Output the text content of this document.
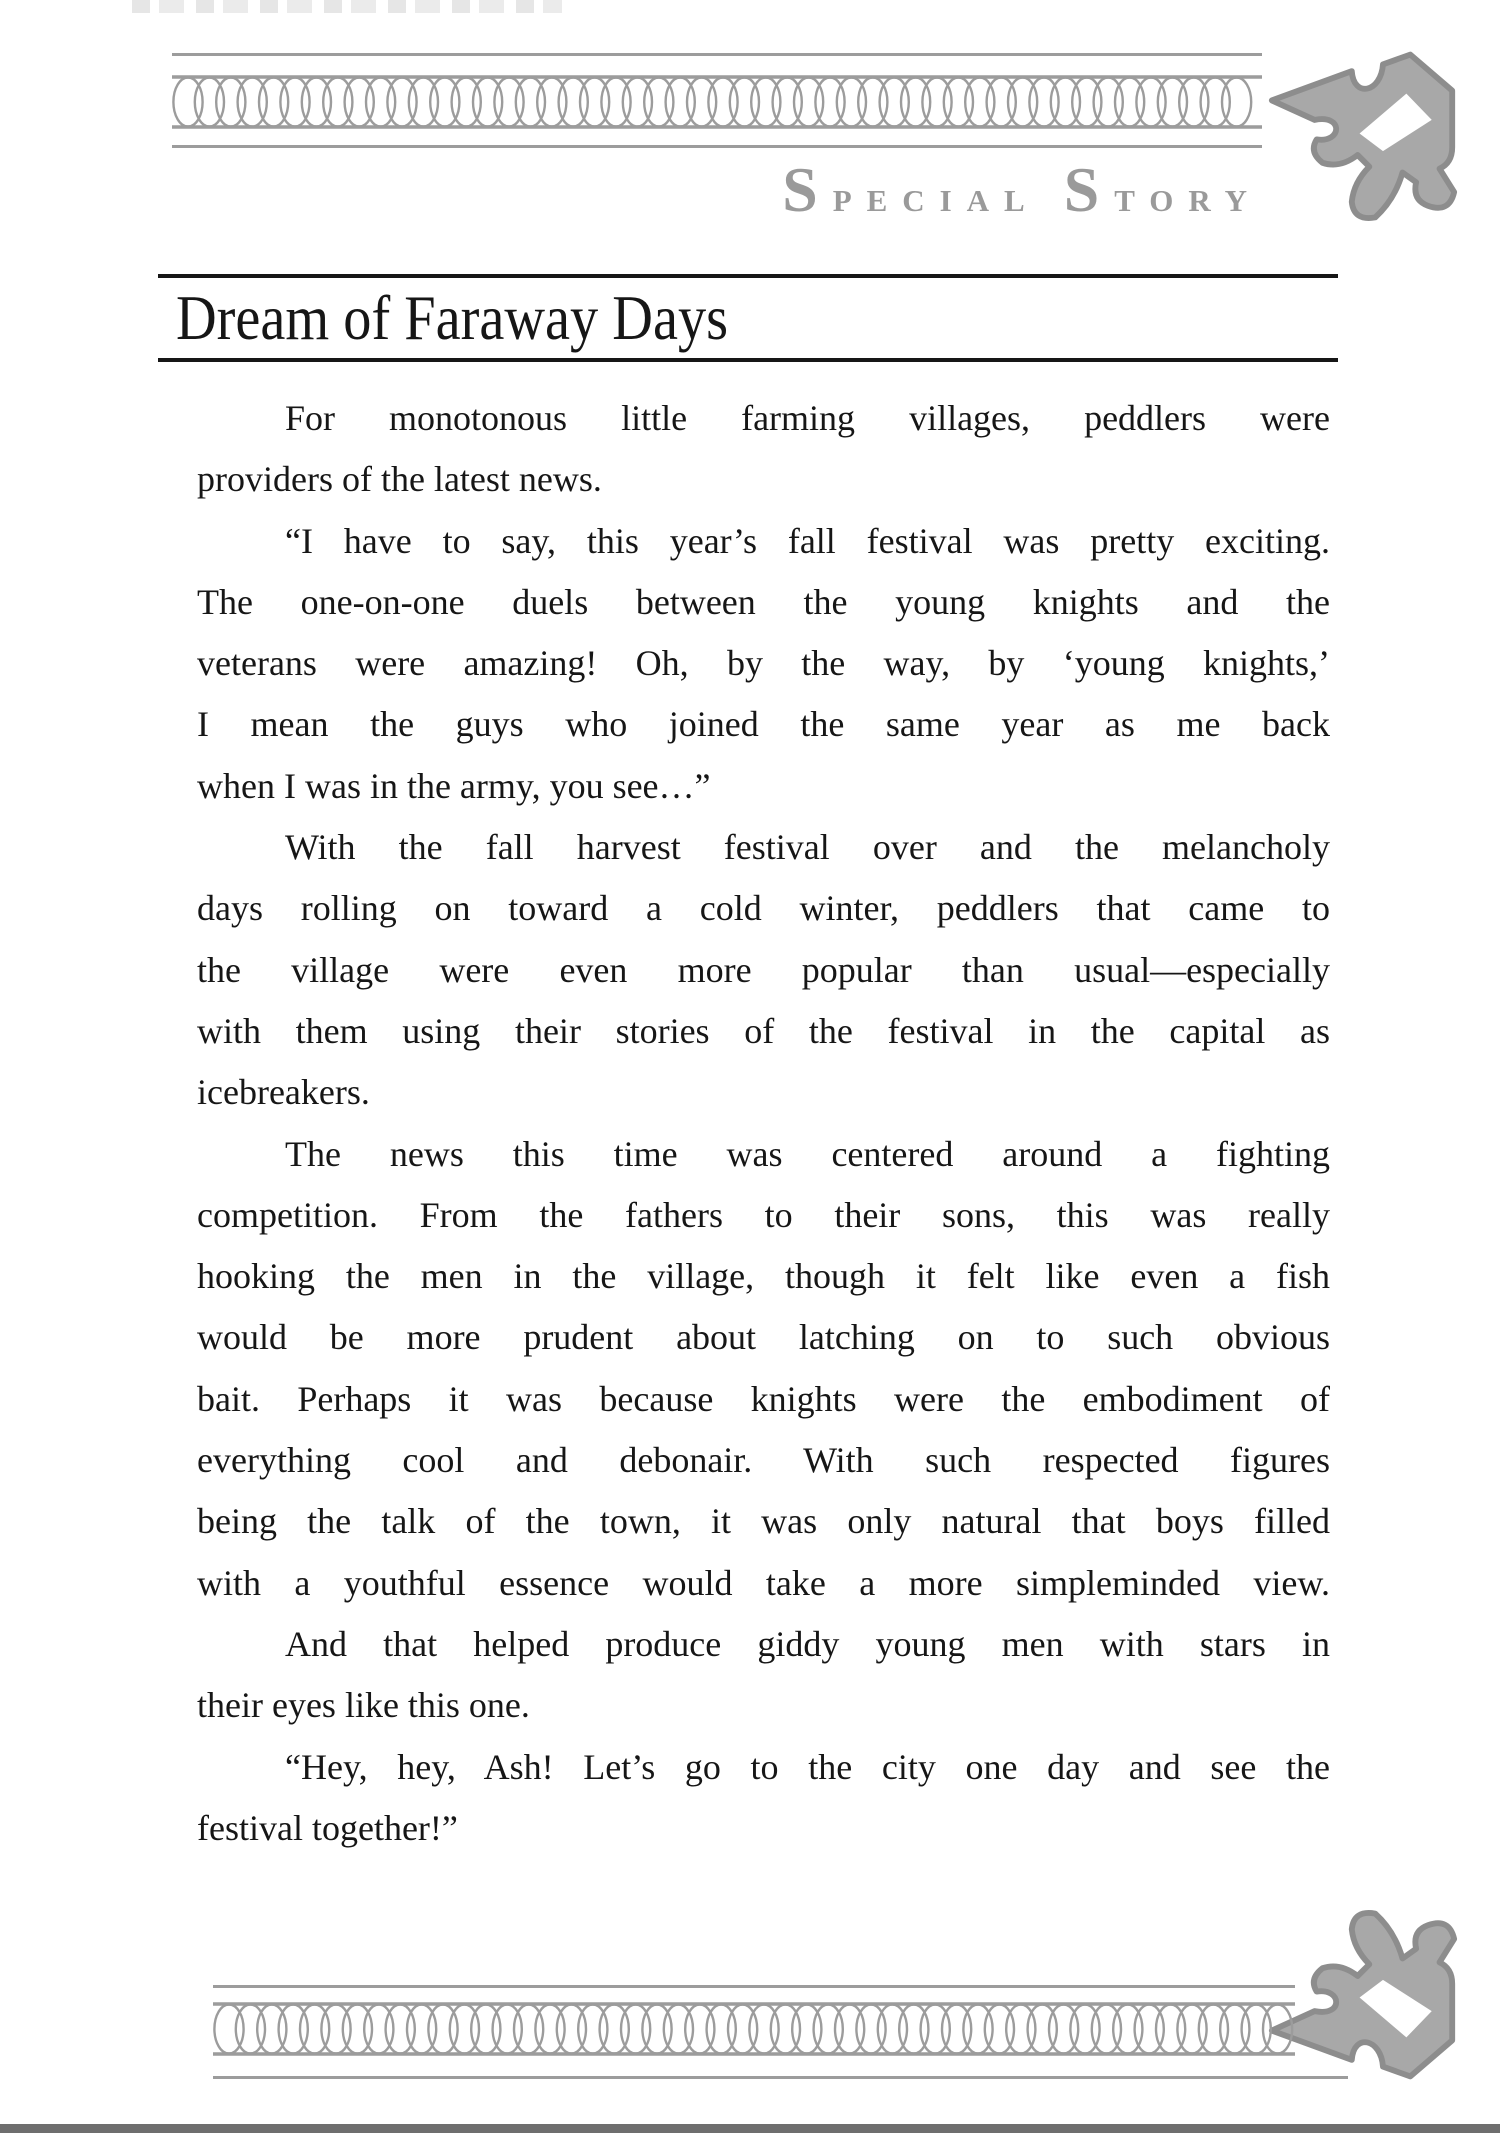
Special Story
Dream of Faraway Days
For monotonous little farming villages, peddlers were
providers of the latest news.
“I have to say, this year’s fall festival was pretty exciting.
The one-on-one duels between the young knights and the
veterans were amazing! Oh, by the way, by ‘young knights,’
I mean the guys who joined the same year as me back
when I was in the army, you see…”
With the fall harvest festival over and the melancholy
days rolling on toward a cold winter, peddlers that came to
the village were even more popular than usual—especially
with them using their stories of the festival in the capital as
icebreakers.
The news this time was centered around a fighting
competition. From the fathers to their sons, this was really
hooking the men in the village, though it felt like even a fish
would be more prudent about latching on to such obvious
bait. Perhaps it was because knights were the embodiment of
everything cool and debonair. With such respected figures
being the talk of the town, it was only natural that boys filled
with a youthful essence would take a more simpleminded view.
And that helped produce giddy young men with stars in
their eyes like this one.
“Hey, hey, Ash! Let’s go to the city one day and see the
festival together!”
